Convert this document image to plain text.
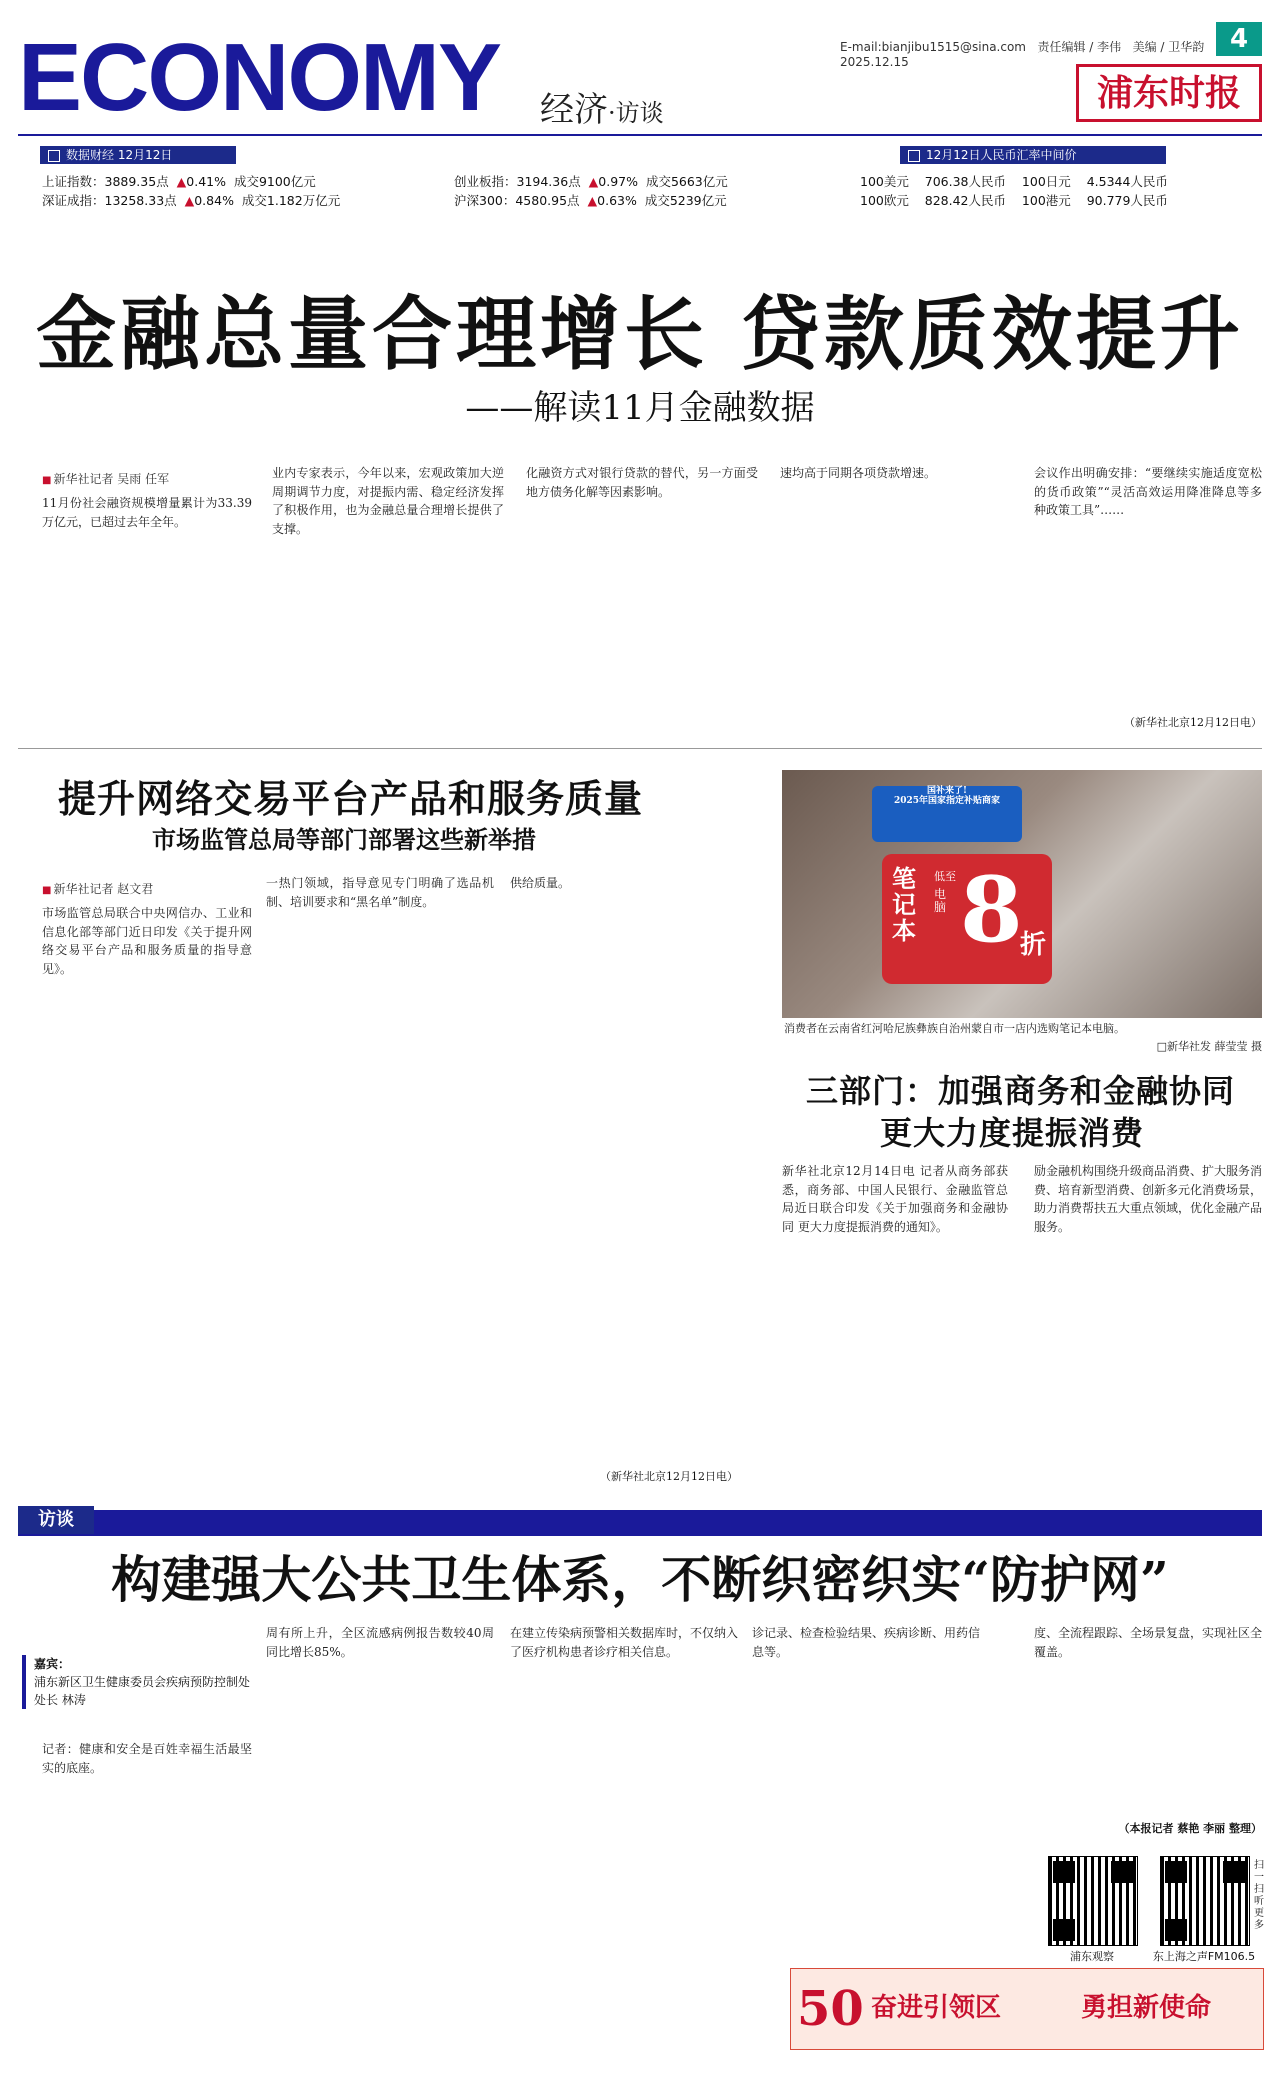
ECONOMY 经济·访谈
E-mail:bianjibu1515@sina.com 责任编辑 / 李伟 美编 / 卫华韵   2025.12.15
4
浦东时报
数据财经 12月12日	12月12日人民币汇率中间价
上证指数：3889.35点 ▲0.41% 成交9100亿元
深证成指：13258.33点 ▲0.84% 成交1.182万亿元
创业板指：3194.36点 ▲0.97% 成交5663亿元
沪深300：4580.95点 ▲0.63% 成交5239亿元
100美元 706.38人民币 100日元 4.5344人民币
100欧元 828.42人民币 100港元 90.779人民币
金融总量合理增长 贷款质效提升
——解读11月金融数据
■ 新华社记者 吴雨 任军
11月份社会融资规模增量累计为33.39万亿元，已超过去年全年。
业内专家表示，今年以来，宏观政策加大逆周期调节力度，对提振内需、稳定经济发挥了积极作用，也为金融总量合理增长提供了支撑。
化融资方式对银行贷款的替代，另一方面受地方债务化解等因素影响。
速均高于同期各项贷款增速。	会议作出明确安排：“要继续实施适度宽松的货币政策”“灵活高效运用降准降息等多种政策工具”……
（新华社北京12月12日电）
提升网络交易平台产品和服务质量
市场监管总局等部门部署这些新举措
■ 新华社记者 赵文君
市场监管总局联合中央网信办、工业和信息化部等部门近日印发《关于提升网络交易平台产品和服务质量的指导意见》。
一热门领域，指导意见专门明确了选品机制、培训要求和“黑名单”制度。
供给质量。
（新华社北京12月12日电）
国补来了!
2025年国家指定补贴商家
笔记本
低至
电脑 8
折
消费者在云南省红河哈尼族彝族自治州蒙自市一店内选购笔记本电脑。
□新华社发 薛莹莹 摄
三部门：加强商务和金融协同
更大力度提振消费
新华社北京12月14日电 记者从商务部获悉，商务部、中国人民银行、金融监管总局近日联合印发《关于加强商务和金融协同 更大力度提振消费的通知》。
励金融机构围绕升级商品消费、扩大服务消费、培育新型消费、创新多元化消费场景，助力消费帮扶五大重点领域，优化金融产品服务。
访谈
构建强大公共卫生体系，不断织密织实“防护网”
嘉宾：
浦东新区卫生健康委员会疾病预防控制处 处长 林涛
记者：健康和安全是百姓幸福生活最坚实的底座。
周有所上升，全区流感病例报告数较40周同比增长85%。
在建立传染病预警相关数据库时，不仅纳入了医疗机构患者诊疗相关信息。
诊记录、检查检验结果、疾病诊断、用药信息等。
度、全流程跟踪、全场景复盘，实现社区全覆盖。
（本报记者 蔡艳 李丽 整理）
浦东观察	东上海之声FM106.5
扫一扫 听更多
50 奋进引领区	勇担新使命
